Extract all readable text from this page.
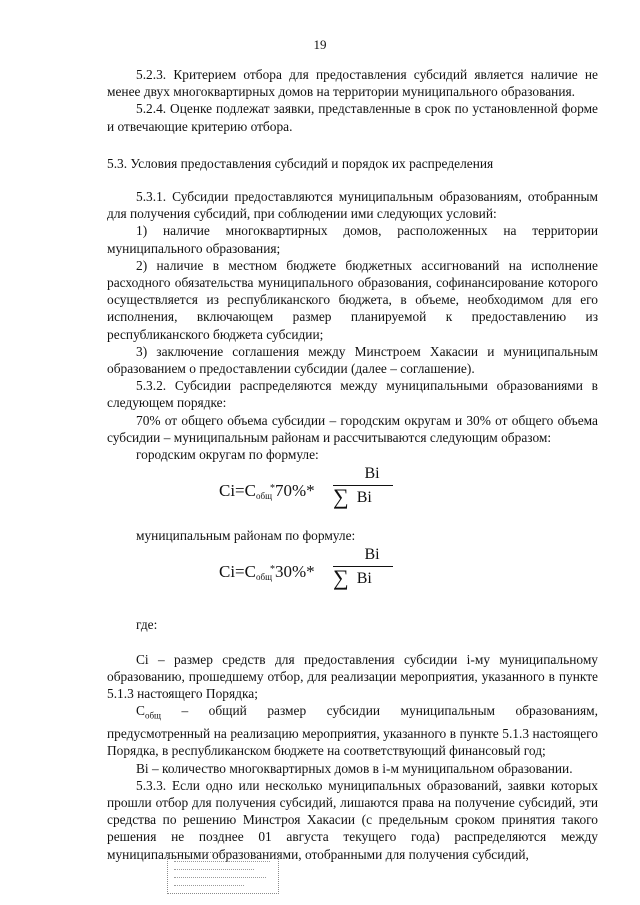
19

5.2.3. Критерием отбора для предоставления субсидий является наличие не менее двух многоквартирных домов на территории муниципального образования.

5.2.4. Оценке подлежат заявки, представленные в срок по установленной форме и отвечающие критерию отбора.

5.3. Условия предоставления субсидий и порядок их распределения

5.3.1. Субсидии предоставляются муниципальным образованиям, отобранным для получения субсидий, при соблюдении ими следующих условий:

1) наличие многоквартирных домов, расположенных на территории муниципального образования;

2) наличие в местном бюджете бюджетных ассигнований на исполнение расходного обязательства муниципального образования, софинансирование которого осуществляется из республиканского бюджета, в объеме, необходимом для его исполнения, включающем размер планируемой к предоставлению из республиканского бюджета субсидии;

3) заключение соглашения между Минстроем Хакасии и муниципальным образованием о предоставлении субсидии (далее – соглашение).

5.3.2. Субсидии распределяются между муниципальными образованиями в следующем порядке:

70% от общего объема субсидии – городским округам и 30% от общего объема субсидии – муниципальным районам и рассчитываются следующим образом:

городским округам по формуле:

$Ci=C_{общ}^*70\%*$
Bi
∑ Bi

муниципальным районам по формуле:

$Ci=C_{общ}^*30\%*$
Bi
∑ Bi

где:

Ci – размер средств для предоставления субсидии i-му муниципальному образованию, прошедшему отбор, для реализации мероприятия, указанного в пункте 5.1.3 настоящего Порядка;

$С_{общ}$ – общий размер субсидии муниципальным образованиям, предусмотренный на реализацию мероприятия, указанного в пункте 5.1.3 настоящего Порядка, в республиканском бюджете на соответствующий финансовый год;

Bi – количество многоквартирных домов в i-м муниципальном образовании.

5.3.3. Если одно или несколько муниципальных образований, заявки которых прошли отбор для получения субсидий, лишаются права на получение субсидий, эти средства по решению Минстроя Хакасии (с предельным сроком принятия такого решения не позднее 01 августа текущего года) распределяются между муниципальными образованиями, отобранными для получения субсидий,
